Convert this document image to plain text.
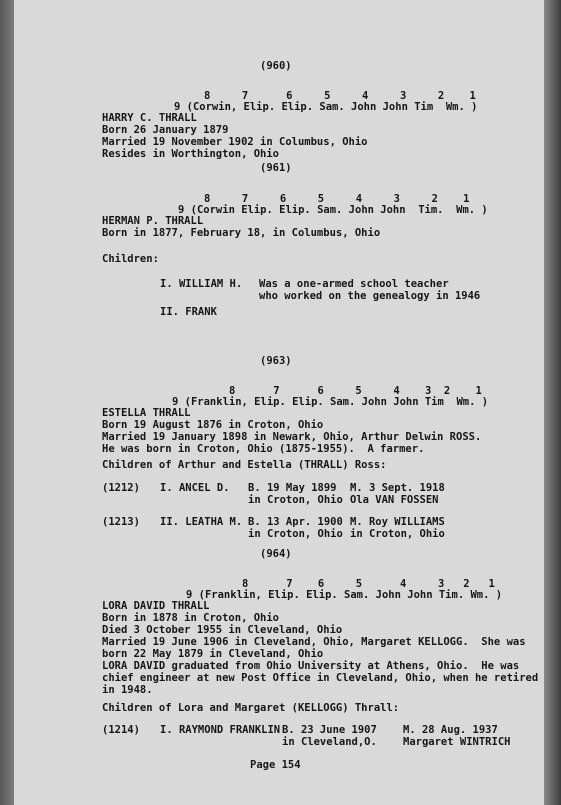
(960)
8     7      6     5     4     3     2    1
9 (Corwin, Elip. Elip. Sam. John John Tim  Wm. )
HARRY C. THRALL
Born 26 January 1879
Married 19 November 1902 in Columbus, Ohio
Resides in Worthington, Ohio
(961)
8     7     6     5     4     3     2    1
9 (Corwin Elip. Elip. Sam. John John  Tim.  Wm. )
HERMAN P. THRALL
Born in 1877, February 18, in Columbus, Ohio
Children:
I. WILLIAM H. Was a one-armed school teacher
who worked on the genealogy in 1946
II. FRANK
(963)
8      7      6     5     4    3  2    1
9 (Franklin, Elip. Elip. Sam. John John Tim  Wm. )
ESTELLA THRALL
Born 19 August 1876 in Croton, Ohio
Married 19 January 1898 in Newark, Ohio, Arthur Delwin ROSS.
He was born in Croton, Ohio (1875-1955).  A farmer.
Children of Arthur and Estella (THRALL) Ross:
(1212) I. ANCEL D. B. 19 May 1899
in Croton, Ohio
M. 3 Sept. 1918
Ola VAN FOSSEN
(1213) II. LEATHA M. B. 13 Apr. 1900
in Croton, Ohio
M. Roy WILLIAMS
in Croton, Ohio
(964)
8      7    6     5      4     3   2   1
9 (Franklin, Elip. Elip. Sam. John John Tim. Wm. )
LORA DAVID THRALL
Born in 1878 in Croton, Ohio
Died 3 October 1955 in Cleveland, Ohio
Married 19 June 1906 in Cleveland, Ohio, Margaret KELLOGG.  She was
born 22 May 1879 in Cleveland, Ohio
LORA DAVID graduated from Ohio University at Athens, Ohio.  He was
chief engineer at new Post Office in Cleveland, Ohio, when he retired
in 1948.
Children of Lora and Margaret (KELLOGG) Thrall:
(1214) I. RAYMOND FRANKLIN B. 23 June 1907
in Cleveland,O.
M. 28 Aug. 1937
Margaret WINTRICH
Page 154
